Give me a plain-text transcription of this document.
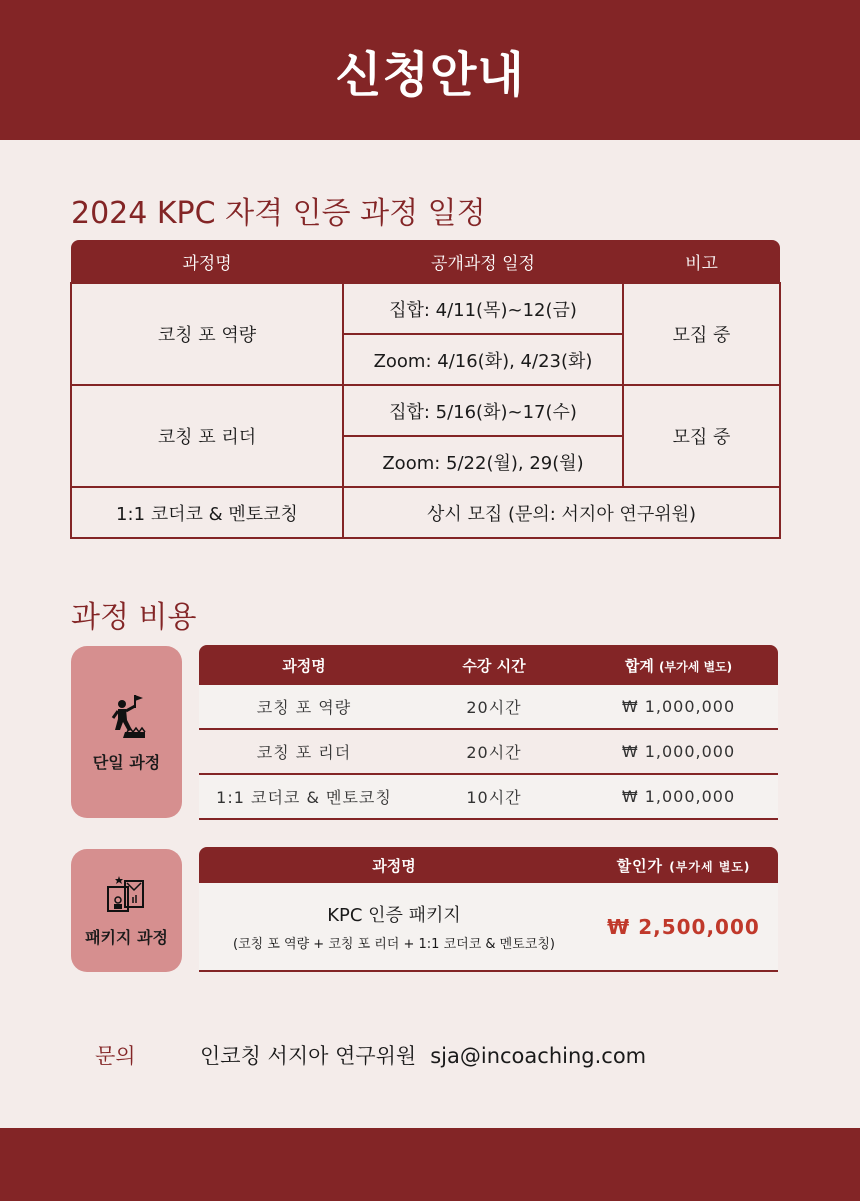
신청안내
2024 KPC 자격 인증 과정 일정
과정명	공개과정 일정	비고
코칭 포 역량	집합: 4/11(목)~12(금)	모집 중
	Zoom: 4/16(화), 4/23(화)	
코칭 포 리더	집합: 5/16(화)~17(수)	모집 중
	Zoom: 5/22(월), 29(월)	
1:1 코더코 & 멘토코칭	상시 모집 (문의: 서지아 연구위원)	
과정 비용
단일 과정
과정명	수강 시간	합계 (부가세 별도)
코칭 포 역량	20시간	₩ 1,000,000
코칭 포 리더	20시간	₩ 1,000,000
1:1 코더코 & 멘토코칭	10시간	₩ 1,000,000
패키지 과정
과정명	할인가 (부가세 별도)
KPC 인증 패키지
(코칭 포 역량 + 코칭 포 리더 + 1:1 코더코 & 멘토코칭)
₩ 2,500,000
문의	인코칭 서지아 연구위원 sja@incoaching.com
